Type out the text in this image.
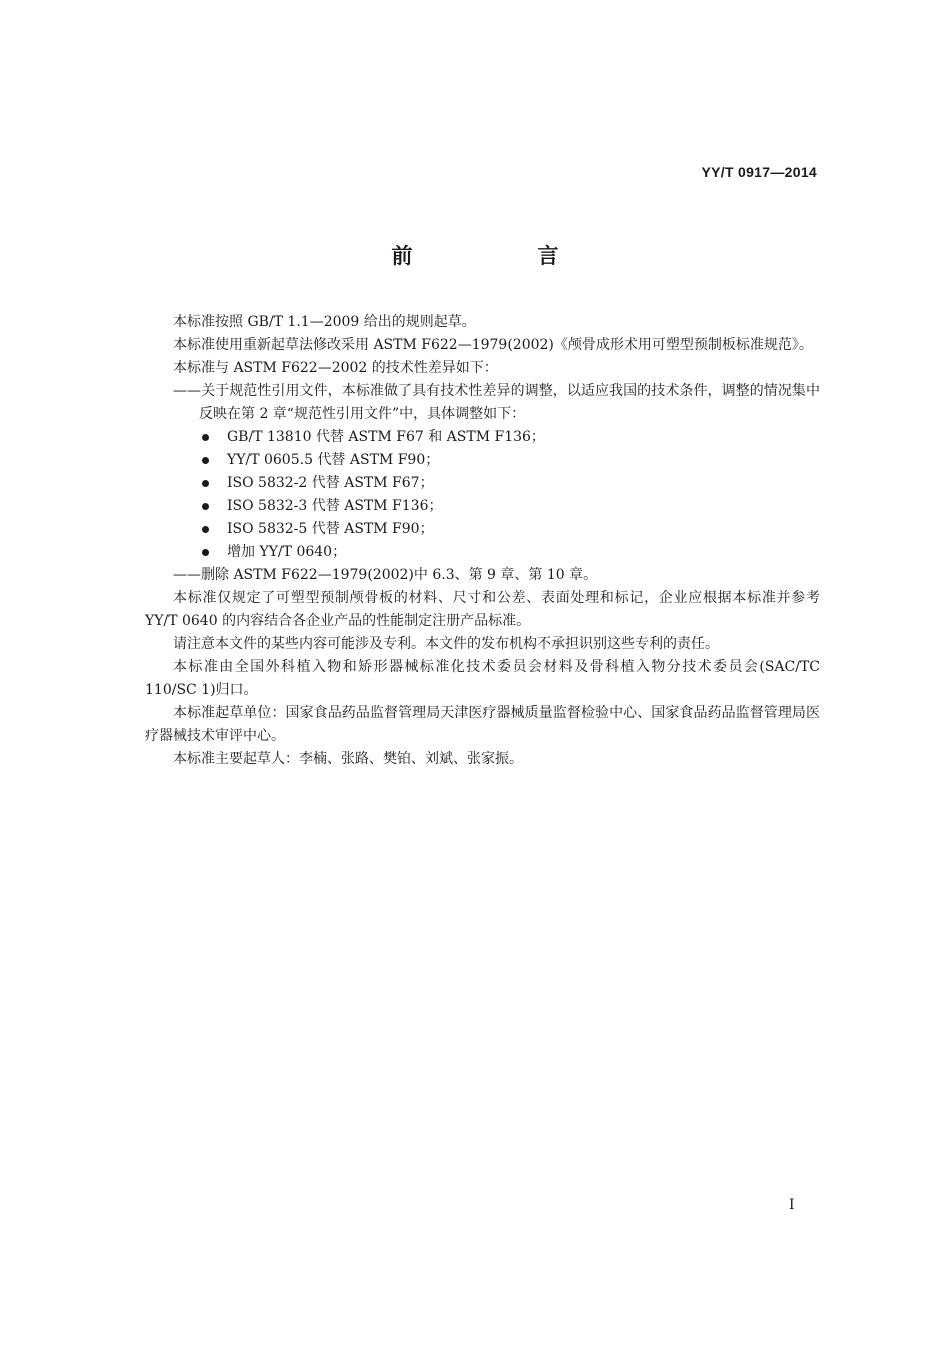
YY/T 0917—2014
前　言

本标准按照 GB/T 1.1—2009 给出的规则起草。

本标准使用重新起草法修改采用 ASTM F622—1979(2002)《颅骨成形术用可塑型预制板标准规范》。

本标准与 ASTM F622—2002 的技术性差异如下：

——关于规范性引用文件，本标准做了具有技术性差异的调整，以适应我国的技术条件，调整的情况集中反映在第 2 章“规范性引用文件”中，具体调整如下：

GB/T 13810 代替 ASTM F67 和 ASTM F136；
YY/T 0605.5 代替 ASTM F90；
ISO 5832-2 代替 ASTM F67；
ISO 5832-3 代替 ASTM F136；
ISO 5832-5 代替 ASTM F90；
增加 YY/T 0640；

——删除 ASTM F622—1979(2002)中 6.3、第 9 章、第 10 章。

本标准仅规定了可塑型预制颅骨板的材料、尺寸和公差、表面处理和标记，企业应根据本标准并参考 YY/T 0640 的内容结合各企业产品的性能制定注册产品标准。

请注意本文件的某些内容可能涉及专利。本文件的发布机构不承担识别这些专利的责任。

本标准由全国外科植入物和矫形器械标准化技术委员会材料及骨科植入物分技术委员会(SAC/TC 110/SC 1)归口。

本标准起草单位：国家食品药品监督管理局天津医疗器械质量监督检验中心、国家食品药品监督管理局医疗器械技术审评中心。

本标准主要起草人：李楠、张路、樊铂、刘斌、张家振。

I
